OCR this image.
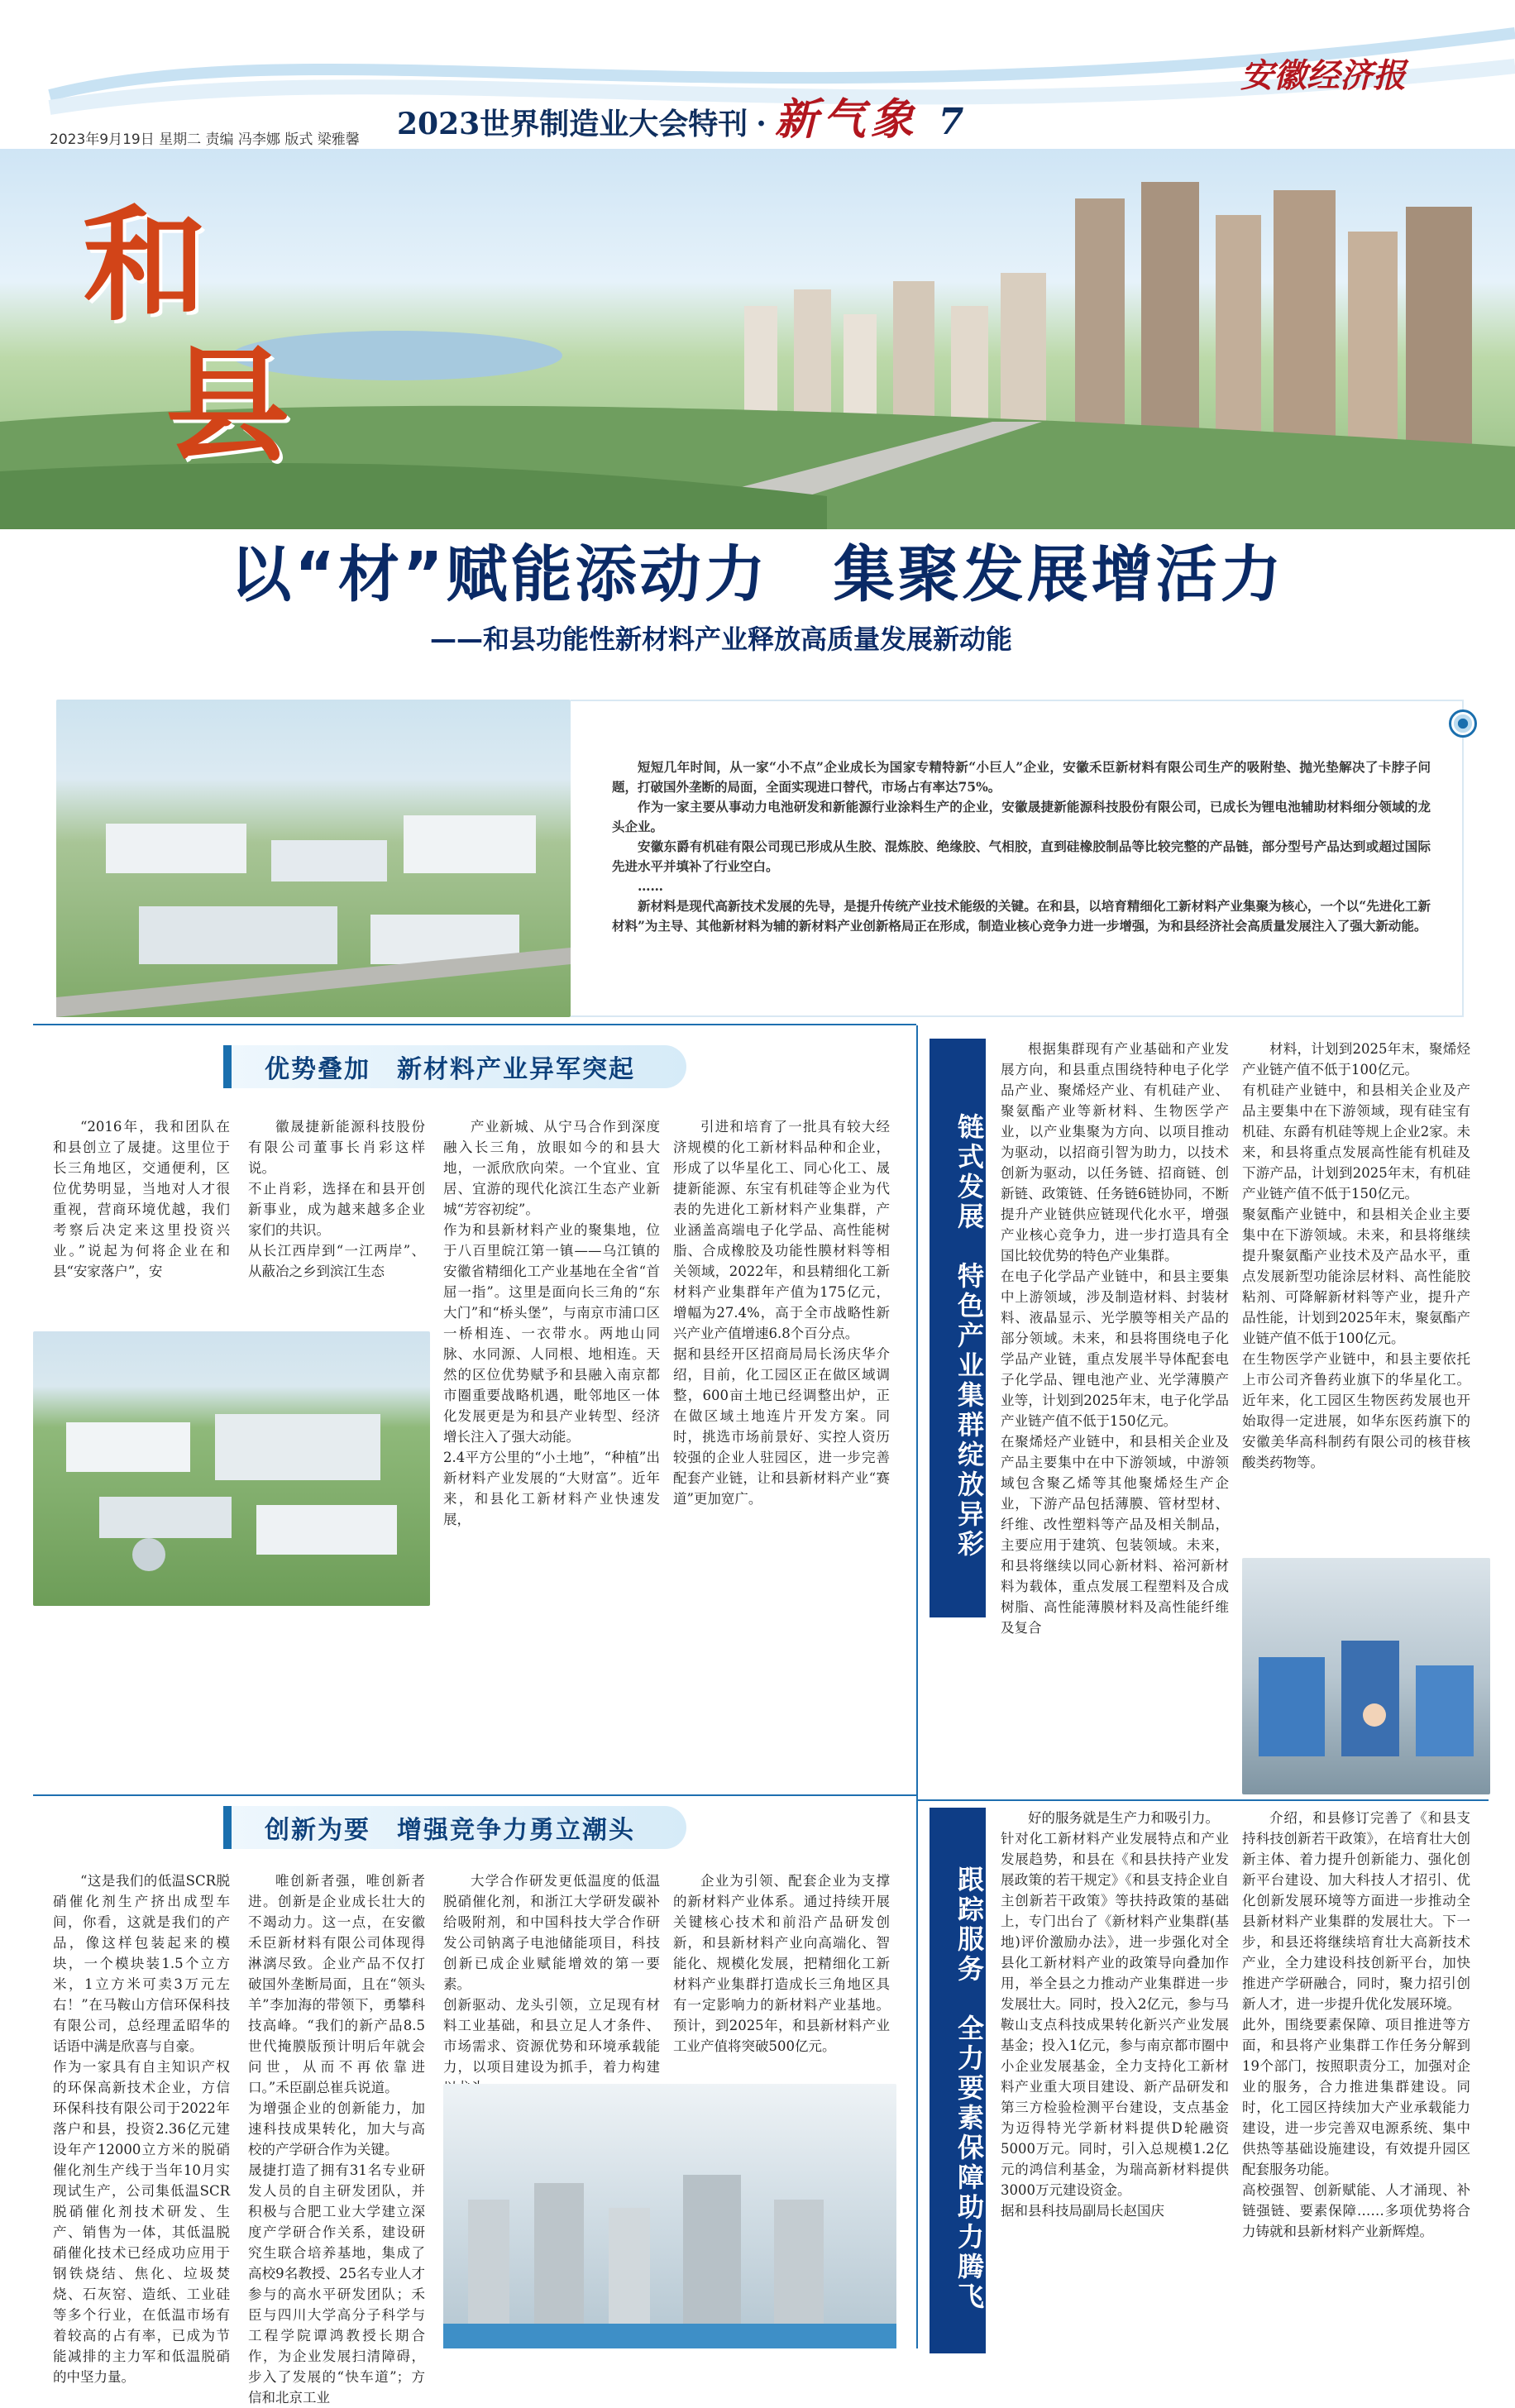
2023世界制造业大会特刊 · 新气象 7
安徽经济报
2023年9月19日 星期二 责编 冯李娜 版式 梁雅馨
和
县
以“材”赋能添动力　集聚发展增活力
——和县功能性新材料产业释放高质量发展新动能

短短几年时间，从一家“小不点”企业成长为国家专精特新“小巨人”企业，安徽禾臣新材料有限公司生产的吸附垫、抛光垫解决了卡脖子问题，打破国外垄断的局面，全面实现进口替代，市场占有率达75%。

作为一家主要从事动力电池研发和新能源行业涂料生产的企业，安徽晟捷新能源科技股份有限公司，已成长为锂电池辅助材料细分领域的龙头企业。

安徽东爵有机硅有限公司现已形成从生胶、混炼胶、绝缘胶、气相胶，直到硅橡胶制品等比较完整的产品链，部分型号产品达到或超过国际先进水平并填补了行业空白。

……

新材料是现代高新技术发展的先导，是提升传统产业技术能级的关键。在和县，以培育精细化工新材料产业集聚为核心，一个以“先进化工新材料”为主导、其他新材料为辅的新材料产业创新格局正在形成，制造业核心竞争力进一步增强，为和县经济社会高质量发展注入了强大新动能。

优势叠加　新材料产业异军突起

“2016年，我和团队在和县创立了晟捷。这里位于长三角地区，交通便利，区位优势明显，当地对人才很重视，营商环境优越，我们考察后决定来这里投资兴业。”说起为何将企业在和县“安家落户”，安

徽晟捷新能源科技股份有限公司董事长肖彩这样说。
不止肖彩，选择在和县开创新事业，成为越来越多企业家们的共识。
从长江西岸到“一江两岸”、从蔽冶之乡到滨江生态

产业新城、从宁马合作到深度融入长三角，放眼如今的和县大地，一派欣欣向荣。一个宜业、宜居、宜游的现代化滨江生态产业新城“芳容初绽”。
作为和县新材料产业的聚集地，位于八百里皖江第一镇——乌江镇的安徽省精细化工产业基地在全省“首屈一指”。这里是面向长三角的“东大门”和“桥头堡”，与南京市浦口区一桥相连、一衣带水。两地山同脉、水同源、人同根、地相连。天然的区位优势赋予和县融入南京都市圈重要战略机遇，毗邻地区一体化发展更是为和县产业转型、经济增长注入了强大动能。
2.4平方公里的“小土地”，“种植”出新材料产业发展的“大财富”。近年来，和县化工新材料产业快速发展，

引进和培育了一批具有较大经济规模的化工新材料品种和企业，形成了以华星化工、同心化工、晟捷新能源、东宝有机硅等企业为代表的先进化工新材料产业集群，产业涵盖高端电子化学品、高性能树脂、合成橡胶及功能性膜材料等相关领域，2022年，和县精细化工新材料产业集群年产值为175亿元，增幅为27.4%，高于全市战略性新兴产业产值增速6.8个百分点。
据和县经开区招商局局长汤庆华介绍，目前，化工园区正在做区域调整，600亩土地已经调整出炉，正在做区域土地连片开发方案。同时，挑选市场前景好、实控人资历较强的企业人驻园区，进一步完善配套产业链，让和县新材料产业“赛道”更加宽广。	链式发展　特色产业集群绽放异彩

根据集群现有产业基础和产业发展方向，和县重点围绕特种电子化学品产业、聚烯烃产业、有机硅产业、聚氨酯产业等新材料、生物医学产业，以产业集聚为方向、以项目推动为驱动，以招商引智为助力，以技术创新为驱动，以任务链、招商链、创新链、政策链、任务链6链协同，不断提升产业链供应链现代化水平，增强产业核心竞争力，进一步打造具有全国比较优势的特色产业集群。
在电子化学品产业链中，和县主要集中上游领域，涉及制造材料、封装材料、液晶显示、光学膜等相关产品的部分领域。未来，和县将围绕电子化学品产业链，重点发展半导体配套电子化学品、锂电池产业、光学薄膜产业等，计划到2025年末，电子化学品产业链产值不低于150亿元。
在聚烯烃产业链中，和县相关企业及产品主要集中在中下游领域，中游领域包含聚乙烯等其他聚烯烃生产企业，下游产品包括薄膜、管材型材、纤维、改性塑料等产品及相关制品，主要应用于建筑、包装领域。未来，和县将继续以同心新材料、裕河新材料为载体，重点发展工程塑料及合成树脂、高性能薄膜材料及高性能纤维及复合

材料，计划到2025年末，聚烯烃产业链产值不低于100亿元。
有机硅产业链中，和县相关企业及产品主要集中在下游领域，现有硅宝有机硅、东爵有机硅等规上企业2家。未来，和县将重点发展高性能有机硅及下游产品，计划到2025年末，有机硅产业链产值不低于150亿元。
聚氨酯产业链中，和县相关企业主要集中在下游领域。未来，和县将继续提升聚氨酯产业技术及产品水平，重点发展新型功能涂层材料、高性能胶粘剂、可降解新材料等产业，提升产品性能，计划到2025年末，聚氨酯产业链产值不低于100亿元。
在生物医学产业链中，和县主要依托上市公司齐鲁药业旗下的华星化工。近年来，化工园区生物医药发展也开始取得一定进展，如华东医药旗下的安徽美华高科制药有限公司的核苷核酸类药物等。

创新为要　增强竞争力勇立潮头

“这是我们的低温SCR脱硝催化剂生产挤出成型车间，你看，这就是我们的产品，像这样包装起来的模块，一个模块装1.5个立方米，1立方米可卖3万元左右！”在马鞍山方信环保科技有限公司，总经理孟昭华的话语中满是欣喜与自豪。
作为一家具有自主知识产权的环保高新技术企业，方信环保科技有限公司于2022年落户和县，投资2.36亿元建设年产12000立方米的脱硝催化剂生产线于当年10月实现试生产，公司集低温SCR脱硝催化剂技术研发、生产、销售为一体，其低温脱硝催化技术已经成功应用于钢铁烧结、焦化、垃圾焚烧、石灰窑、造纸、工业硅等多个行业，在低温市场有着较高的占有率，已成为节能减排的主力军和低温脱硝的中坚力量。

唯创新者强，唯创新者进。创新是企业成长壮大的不竭动力。这一点，在安徽禾臣新材料有限公司体现得淋漓尽致。企业产品不仅打破国外垄断局面，且在“领头羊”李加海的带领下，勇攀科技高峰。“我们的新产品8.5世代掩膜版预计明后年就会问世，从而不再依靠进口。”禾臣副总崔兵说道。
为增强企业的创新能力，加速科技成果转化，加大与高校的产学研合作为关键。
晟捷打造了拥有31名专业研发人员的自主研发团队，并积极与合肥工业大学建立深度产学研合作关系，建设研究生联合培养基地，集成了高校9名教授、25名专业人才参与的高水平研发团队；禾臣与四川大学高分子科学与工程学院谭鸿教授长期合作，为企业发展扫清障碍，步入了发展的“快车道”；方信和北京工业

大学合作研发更低温度的低温脱硝催化剂，和浙江大学研发碳补给吸附剂，和中国科技大学合作研发公司钠离子电池储能项目，科技创新已成企业赋能增效的第一要素。
创新驱动、龙头引领，立足现有材料工业基础，和县立足人才条件、市场需求、资源优势和环境承载能力，以项目建设为抓手，着力构建

企业为引领、配套企业为支撑的新材料产业体系。通过持续开展关键核心技术和前沿产品研发创新，和县新材料产业向高端化、智能化、规模化发展，把精细化工新材料产业集群打造成长三角地区具有一定影响力的新材料产业基地。预计，到2025年，和县新材料产业工业产值将突破500亿元。	跟踪服务　全力要素保障助力腾飞

好的服务就是生产力和吸引力。
针对化工新材料产业发展特点和产业发展趋势，和县在《和县扶持产业发展政策的若干规定》《和县支持企业自主创新若干政策》等扶持政策的基础上，专门出台了《新材料产业集群(基地)评价激励办法》，进一步强化对全县化工新材料产业的政策导向叠加作用，举全县之力推动产业集群进一步发展壮大。同时，投入2亿元，参与马鞍山支点科技成果转化新兴产业发展基金；投入1亿元，参与南京都市圈中小企业发展基金，全力支持化工新材料产业重大项目建设、新产品研发和第三方检验检测平台建设，支点基金为迈得特光学新材料提供D轮融资5000万元。同时，引入总规模1.2亿元的鸿信利基金，为瑞高新材料提供3000万元建设资金。
据和县科技局副局长赵国庆

介绍，和县修订完善了《和县支持科技创新若干政策》，在培育壮大创新主体、着力提升创新能力、强化创新平台建设、加大科技人才招引、优化创新发展环境等方面进一步推动全县新材料产业集群的发展壮大。下一步，和县还将继续培育壮大高新技术产业，全力建设科技创新平台，加快推进产学研融合，同时，聚力招引创新人才，进一步提升优化发展环境。
此外，围绕要素保障、项目推进等方面，和县将产业集群工作任务分解到19个部门，按照职责分工，加强对企业的服务，合力推进集群建设。同时，化工园区持续加大产业承载能力建设，进一步完善双电源系统、集中供热等基础设施建设，有效提升园区配套服务功能。
高校强智、创新赋能、人才涌现、补链强链、要素保障……多项优势将合力铸就和县新材料产业新辉煌。
